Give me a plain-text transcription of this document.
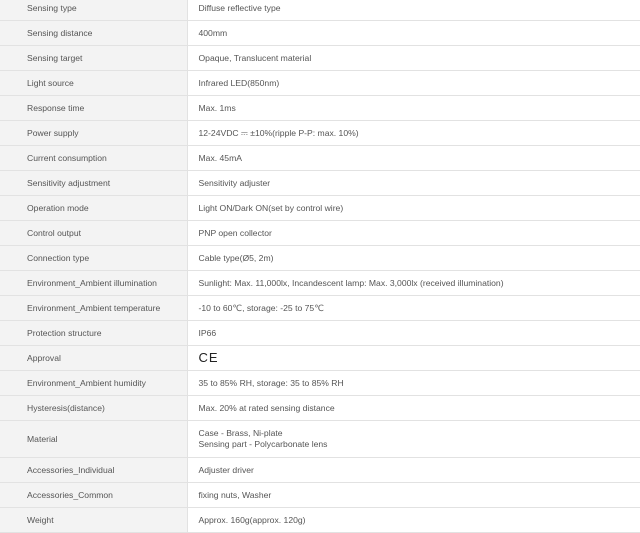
Sensing type	Diffuse reflective type
Sensing distance	400mm
Sensing target	Opaque, Translucent material
Light source	Infrared LED(850nm)
Response time	Max. 1ms
Power supply	12-24VDC ⎓ ±10%(ripple P-P: max. 10%)
Current consumption	Max. 45mA
Sensitivity adjustment	Sensitivity adjuster
Operation mode	Light ON/Dark ON(set by control wire)
Control output	PNP open collector
Connection type	Cable type(Ø5, 2m)
Environment_Ambient illumination	Sunlight: Max. 11,000lx, Incandescent lamp: Max. 3,000lx (received illumination)
Environment_Ambient temperature	-10 to 60℃, storage: -25 to 75℃
Protection structure	IP66
Approval	CE
Environment_Ambient humidity	35 to 85% RH, storage: 35 to 85% RH
Hysteresis(distance)	Max. 20% at rated sensing distance
Material	Case - Brass, Ni-plate
Sensing part - Polycarbonate lens

Accessories_Individual	Adjuster driver
Accessories_Common	fixing nuts, Washer
Weight	Approx. 160g(approx. 120g)
